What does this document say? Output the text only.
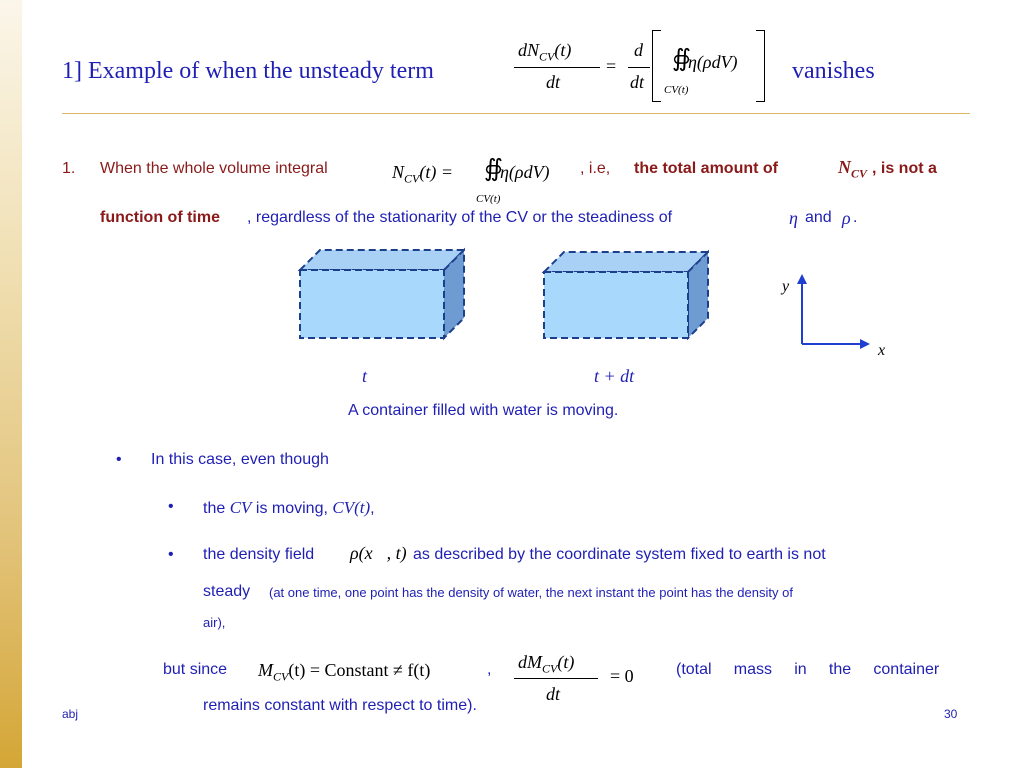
1] Example of when the unsteady term
$dN_{CV}(t)$
dt
=
d
dt
∯
η(ρdV)
CV(t)
vanishes
1. When the whole volume integral	$N_{CV}(t)$ = ∯
η(ρdV)
CV(t)
, i.e, the total amount of	$N_{CV}$ , is not a
function of time , regardless of the stationarity of the CV or the steadiness of	η and ρ .
y
x
t	t + dt
A container filled with water is moving.
• In this case, even though
• the CV is moving, CV(t),
• the density field ρ(x⃗, t) as described by the coordinate system fixed to earth is not
steady (at one time, one point has the density of water, the next instant the point has the density of
air),
but since $M_{CV}(t)$ = Constant ≠ f(t)	, $dM_{CV}(t)$
dt
= 0	(total     mass     in     the     container
remains constant with respect to time).
abj	30
